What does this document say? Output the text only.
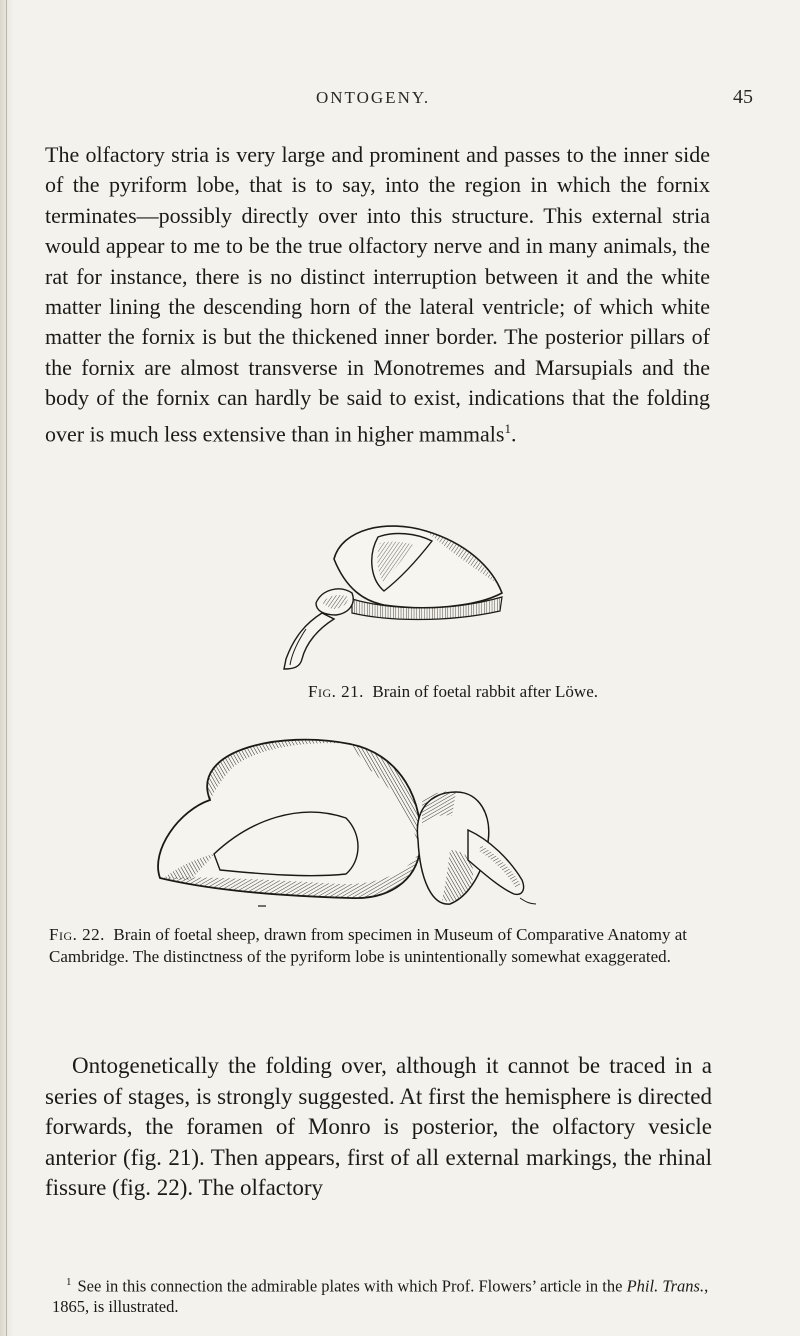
ONTOGENY.	45
The olfactory stria is very large and prominent and passes to the inner side of the pyriform lobe, that is to say, into the region in which the fornix terminates—possibly directly over into this structure. This external stria would appear to me to be the true olfactory nerve and in many animals, the rat for instance, there is no distinct interruption between it and the white matter lining the descending horn of the lateral ventricle; of which white matter the fornix is but the thickened inner border. The posterior pillars of the fornix are almost transverse in Monotremes and Marsupials and the body of the fornix can hardly be said to exist, indications that the folding over is much less extensive than in higher mammals$^1$.
Fig. 21. Brain of foetal rabbit after Löwe.
Fig. 22. Brain of foetal sheep, drawn from specimen in Museum of Comparative Anatomy at Cambridge. The distinctness of the pyriform lobe is unintentionally somewhat exaggerated.
Ontogenetically the folding over, although it cannot be traced in a series of stages, is strongly suggested. At first the hemisphere is directed forwards, the foramen of Monro is posterior, the olfactory vesicle anterior (fig. 21). Then appears, first of all external markings, the rhinal fissure (fig. 22). The olfactory
$^1$ See in this connection the admirable plates with which Prof. Flowers’ article in the Phil. Trans., 1865, is illustrated.
